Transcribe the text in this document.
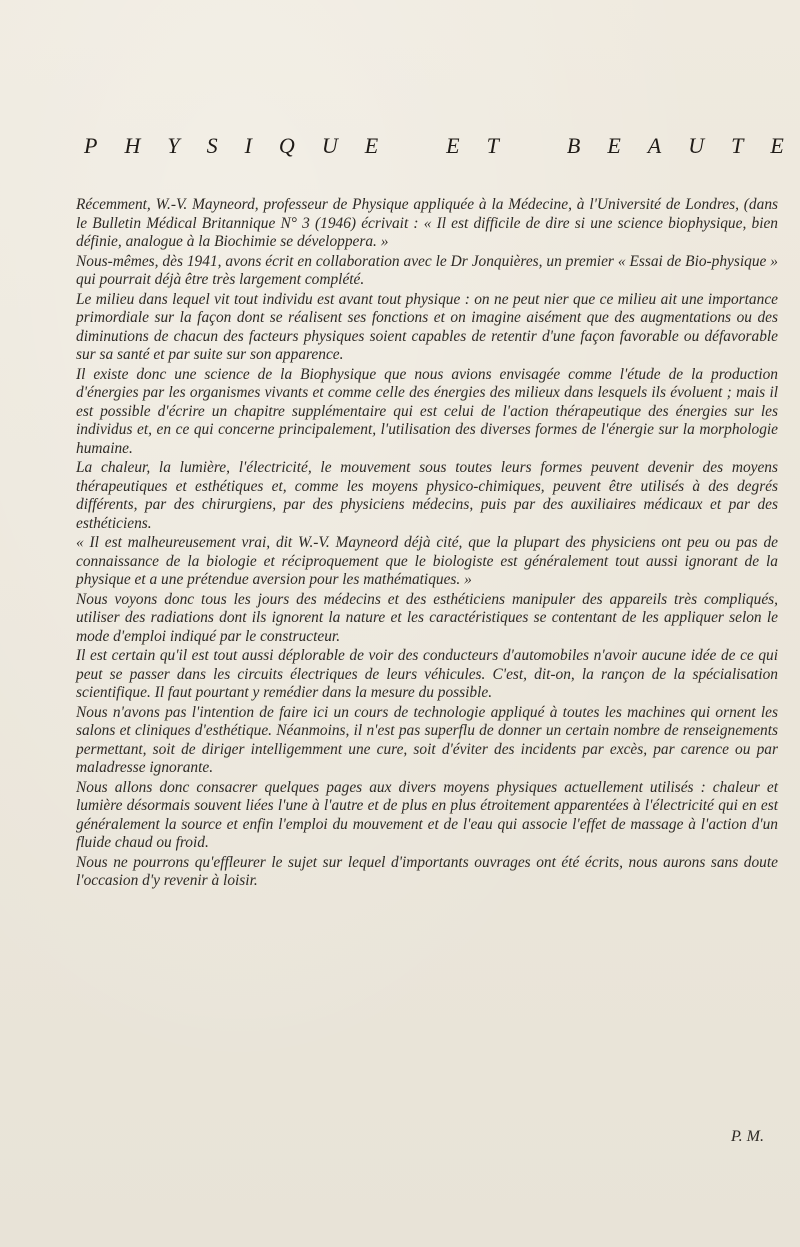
P H Y S I Q U E	E T	B E A U T E

Récemment, W.-V. Mayneord, professeur de Physique appliquée à la Médecine, à l'Université de Londres, (dans le Bulletin Médical Britannique N° 3 (1946) écrivait : « Il est difficile de dire si une science biophysique, bien définie, analogue à la Biochimie se développera. »

Nous-mêmes, dès 1941, avons écrit en collaboration avec le Dr Jonquières, un premier « Essai de Bio-physique » qui pourrait déjà être très largement complété.

Le milieu dans lequel vit tout individu est avant tout physique : on ne peut nier que ce milieu ait une importance primordiale sur la façon dont se réalisent ses fonctions et on imagine aisément que des augmentations ou des diminutions de chacun des facteurs physiques soient capables de retentir d'une façon favorable ou défavorable sur sa santé et par suite sur son apparence.

Il existe donc une science de la Biophysique que nous avions envisagée comme l'étude de la production d'énergies par les organismes vivants et comme celle des énergies des milieux dans lesquels ils évoluent ; mais il est possible d'écrire un chapitre supplémentaire qui est celui de l'action thérapeutique des énergies sur les individus et, en ce qui concerne principalement, l'utilisation des diverses formes de l'énergie sur la morphologie humaine.

La chaleur, la lumière, l'électricité, le mouvement sous toutes leurs formes peuvent devenir des moyens thérapeutiques et esthétiques et, comme les moyens physico-chimiques, peuvent être utilisés à des degrés différents, par des chirurgiens, par des physiciens médecins, puis par des auxiliaires médicaux et par des esthéticiens.

« Il est malheureusement vrai, dit W.-V. Mayneord déjà cité, que la plupart des physiciens ont peu ou pas de connaissance de la biologie et réciproquement que le biologiste est généralement tout aussi ignorant de la physique et a une prétendue aversion pour les mathématiques. »

Nous voyons donc tous les jours des médecins et des esthéticiens manipuler des appareils très compliqués, utiliser des radiations dont ils ignorent la nature et les caractéristiques se contentant de les appliquer selon le mode d'emploi indiqué par le constructeur.

Il est certain qu'il est tout aussi déplorable de voir des conducteurs d'automobiles n'avoir aucune idée de ce qui peut se passer dans les circuits électriques de leurs véhicules. C'est, dit-on, la rançon de la spécialisation scientifique. Il faut pourtant y remédier dans la mesure du possible.

Nous n'avons pas l'intention de faire ici un cours de technologie appliqué à toutes les machines qui ornent les salons et cliniques d'esthétique. Néanmoins, il n'est pas superflu de donner un certain nombre de renseignements permettant, soit de diriger intelligemment une cure, soit d'éviter des incidents par excès, par carence ou par maladresse ignorante.

Nous allons donc consacrer quelques pages aux divers moyens physiques actuellement utilisés : chaleur et lumière désormais souvent liées l'une à l'autre et de plus en plus étroitement apparentées à l'électricité qui en est généralement la source et enfin l'emploi du mouvement et de l'eau qui associe l'effet de massage à l'action d'un fluide chaud ou froid.

Nous ne pourrons qu'effleurer le sujet sur lequel d'importants ouvrages ont été écrits, nous aurons sans doute l'occasion d'y revenir à loisir.

P. M.
